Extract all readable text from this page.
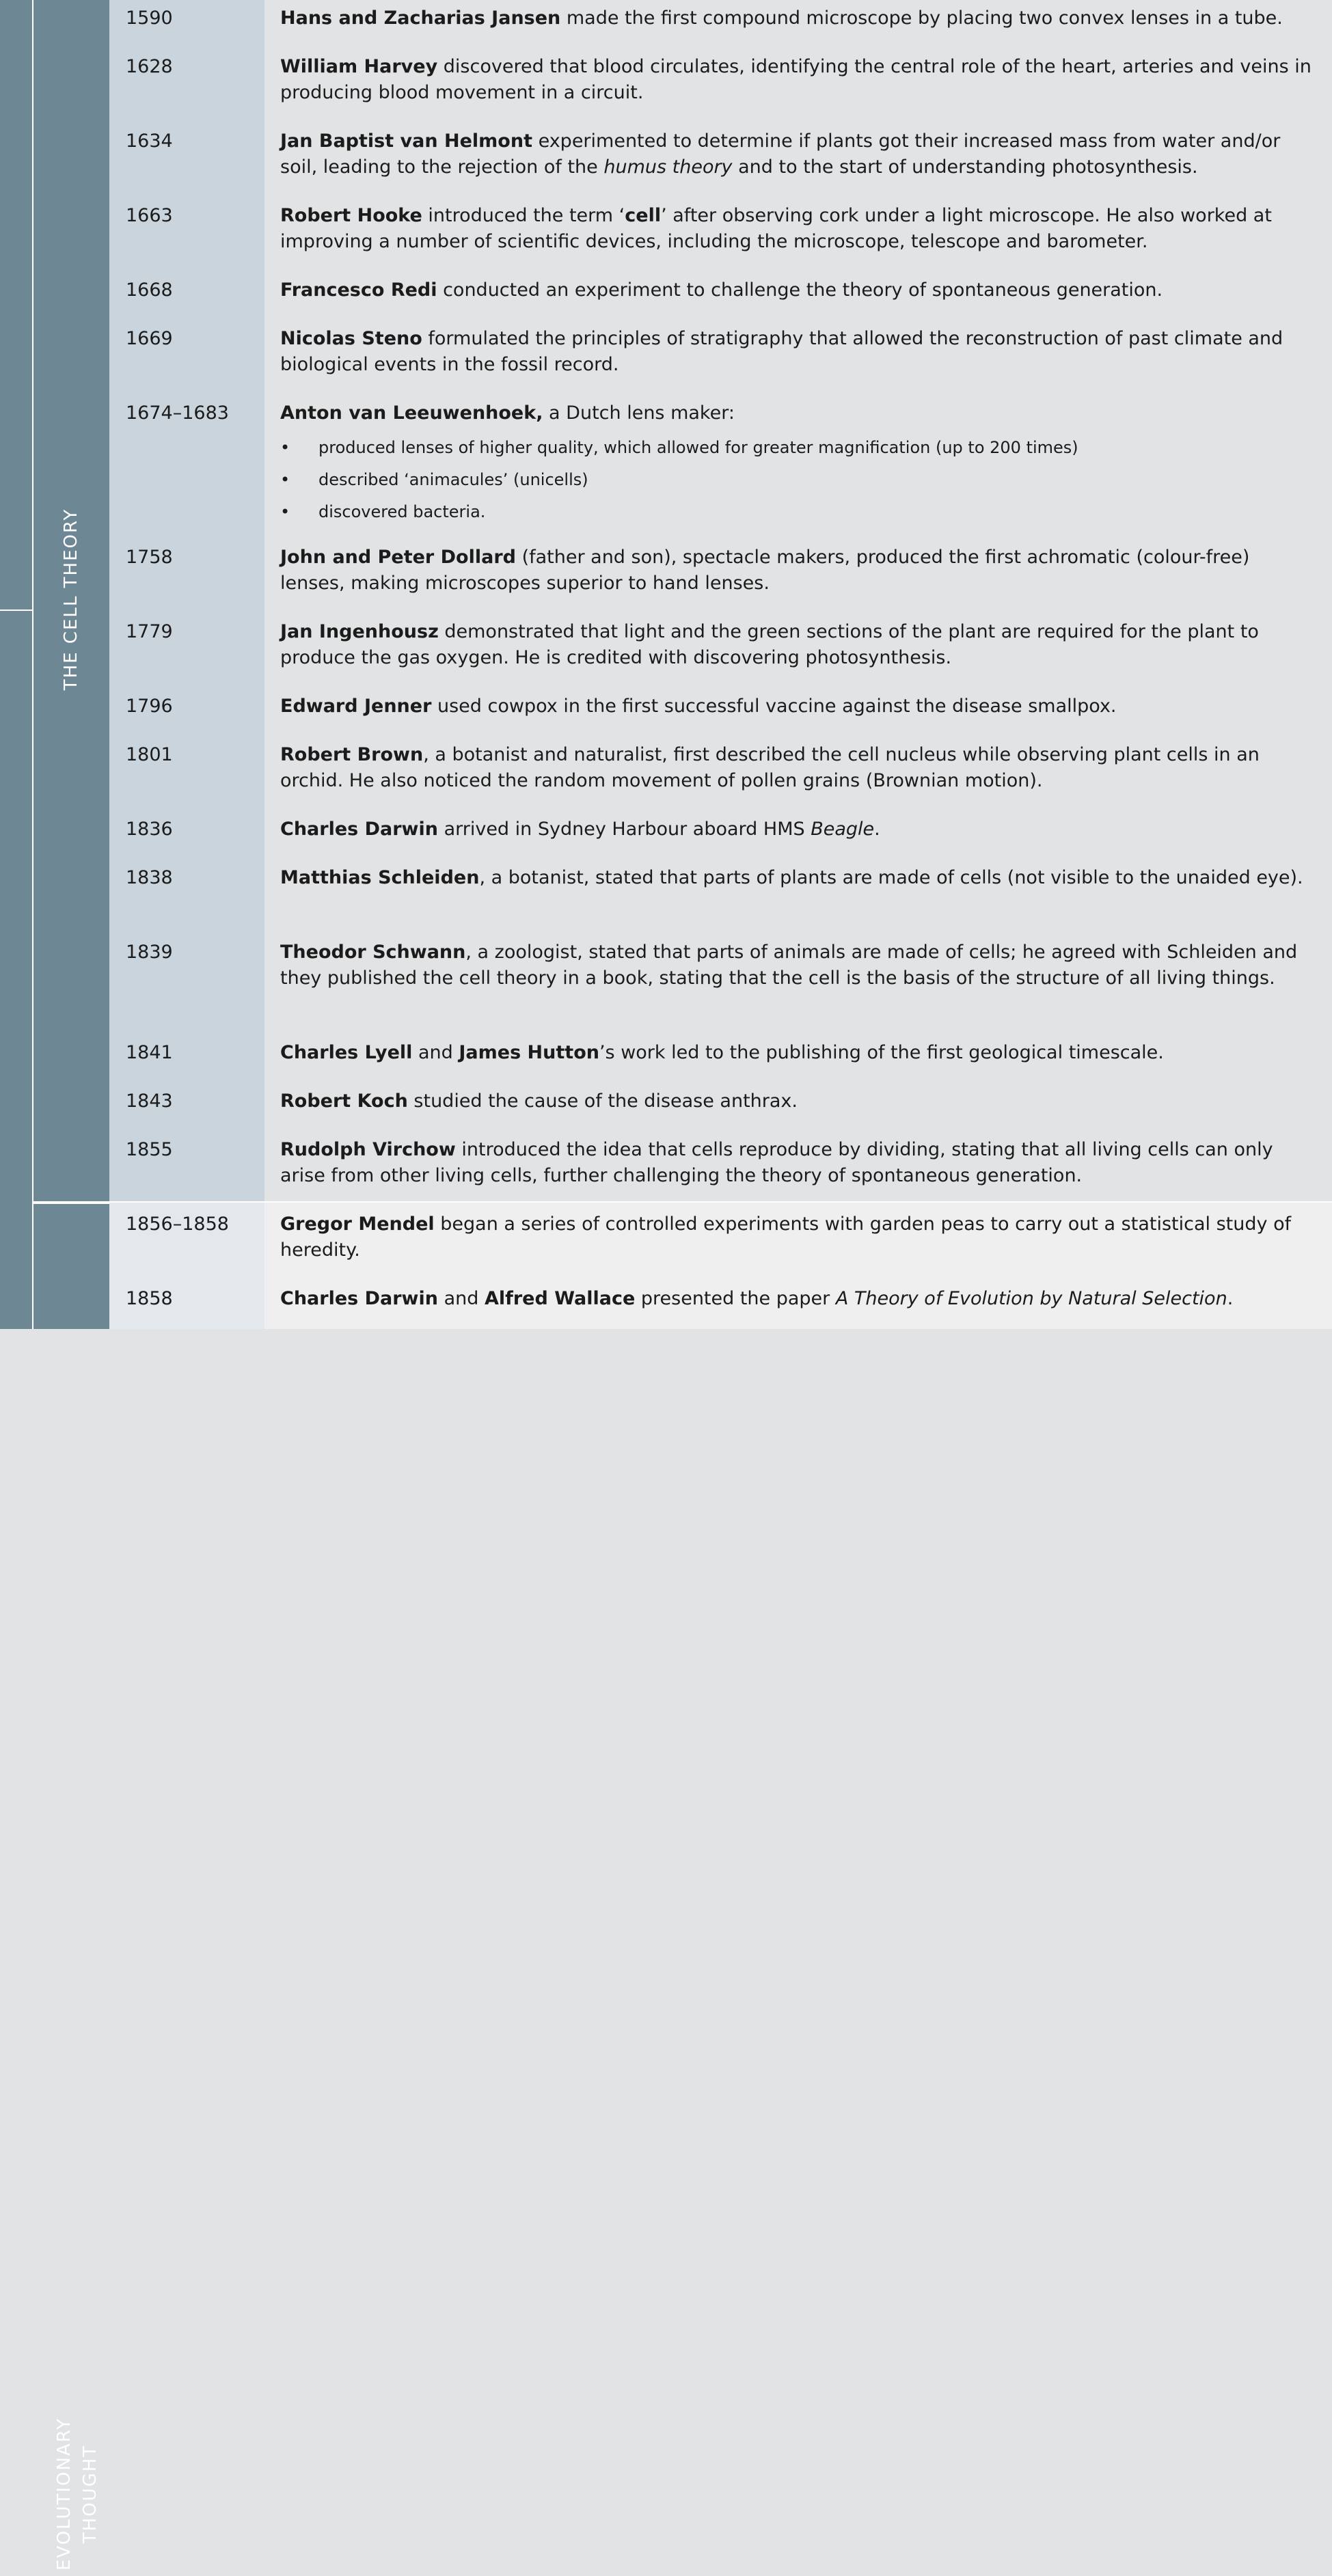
THE CELL THEORY
EVOLUTIONARY THOUGHT
1590	Hans and Zacharias Jansen made the first compound microscope by placing two convex lenses in a tube.
1628	William Harvey discovered that blood circulates, identifying the central role of the heart, arteries and veins in producing blood movement in a circuit.
1634	Jan Baptist van Helmont experimented to determine if plants got their increased mass from water and/or soil, leading to the rejection of the humus theory and to the start of understanding photosynthesis.
1663	Robert Hooke introduced the term ‘cell’ after observing cork under a light microscope. He also worked at improving a number of scientific devices, including the microscope, telescope and barometer.
1668	Francesco Redi conducted an experiment to challenge the theory of spontaneous generation.
1669	Nicolas Steno formulated the principles of stratigraphy that allowed the reconstruction of past climate and biological events in the fossil record.
1674–1683	Anton van Leeuwenhoek, a Dutch lens maker:
• produced lenses of higher quality, which allowed for greater magnification (up to 200 times)
• described ‘animacules’ (unicells)
• discovered bacteria.
1758	John and Peter Dollard (father and son), spectacle makers, produced the first achromatic (colour-free) lenses, making microscopes superior to hand lenses.
1779	Jan Ingenhousz demonstrated that light and the green sections of the plant are required for the plant to produce the gas oxygen. He is credited with discovering photosynthesis.
1796	Edward Jenner used cowpox in the first successful vaccine against the disease smallpox.
1801	Robert Brown, a botanist and naturalist, first described the cell nucleus while observing plant cells in an orchid. He also noticed the random movement of pollen grains (Brownian motion).
1836	Charles Darwin arrived in Sydney Harbour aboard HMS Beagle.
1838	Matthias Schleiden, a botanist, stated that parts of plants are made of cells (not visible to the unaided eye).
1839	Theodor Schwann, a zoologist, stated that parts of animals are made of cells; he agreed with Schleiden and they published the cell theory in a book, stating that the cell is the basis of the structure of all living things.
1841	Charles Lyell and James Hutton’s work led to the publishing of the first geological timescale.
1843	Robert Koch studied the cause of the disease anthrax.
1855	Rudolph Virchow introduced the idea that cells reproduce by dividing, stating that all living cells can only arise from other living cells, further challenging the theory of spontaneous generation.
1856–1858	Gregor Mendel began a series of controlled experiments with garden peas to carry out a statistical study of heredity.
1858	Charles Darwin and Alfred Wallace presented the paper A Theory of Evolution by Natural Selection.
